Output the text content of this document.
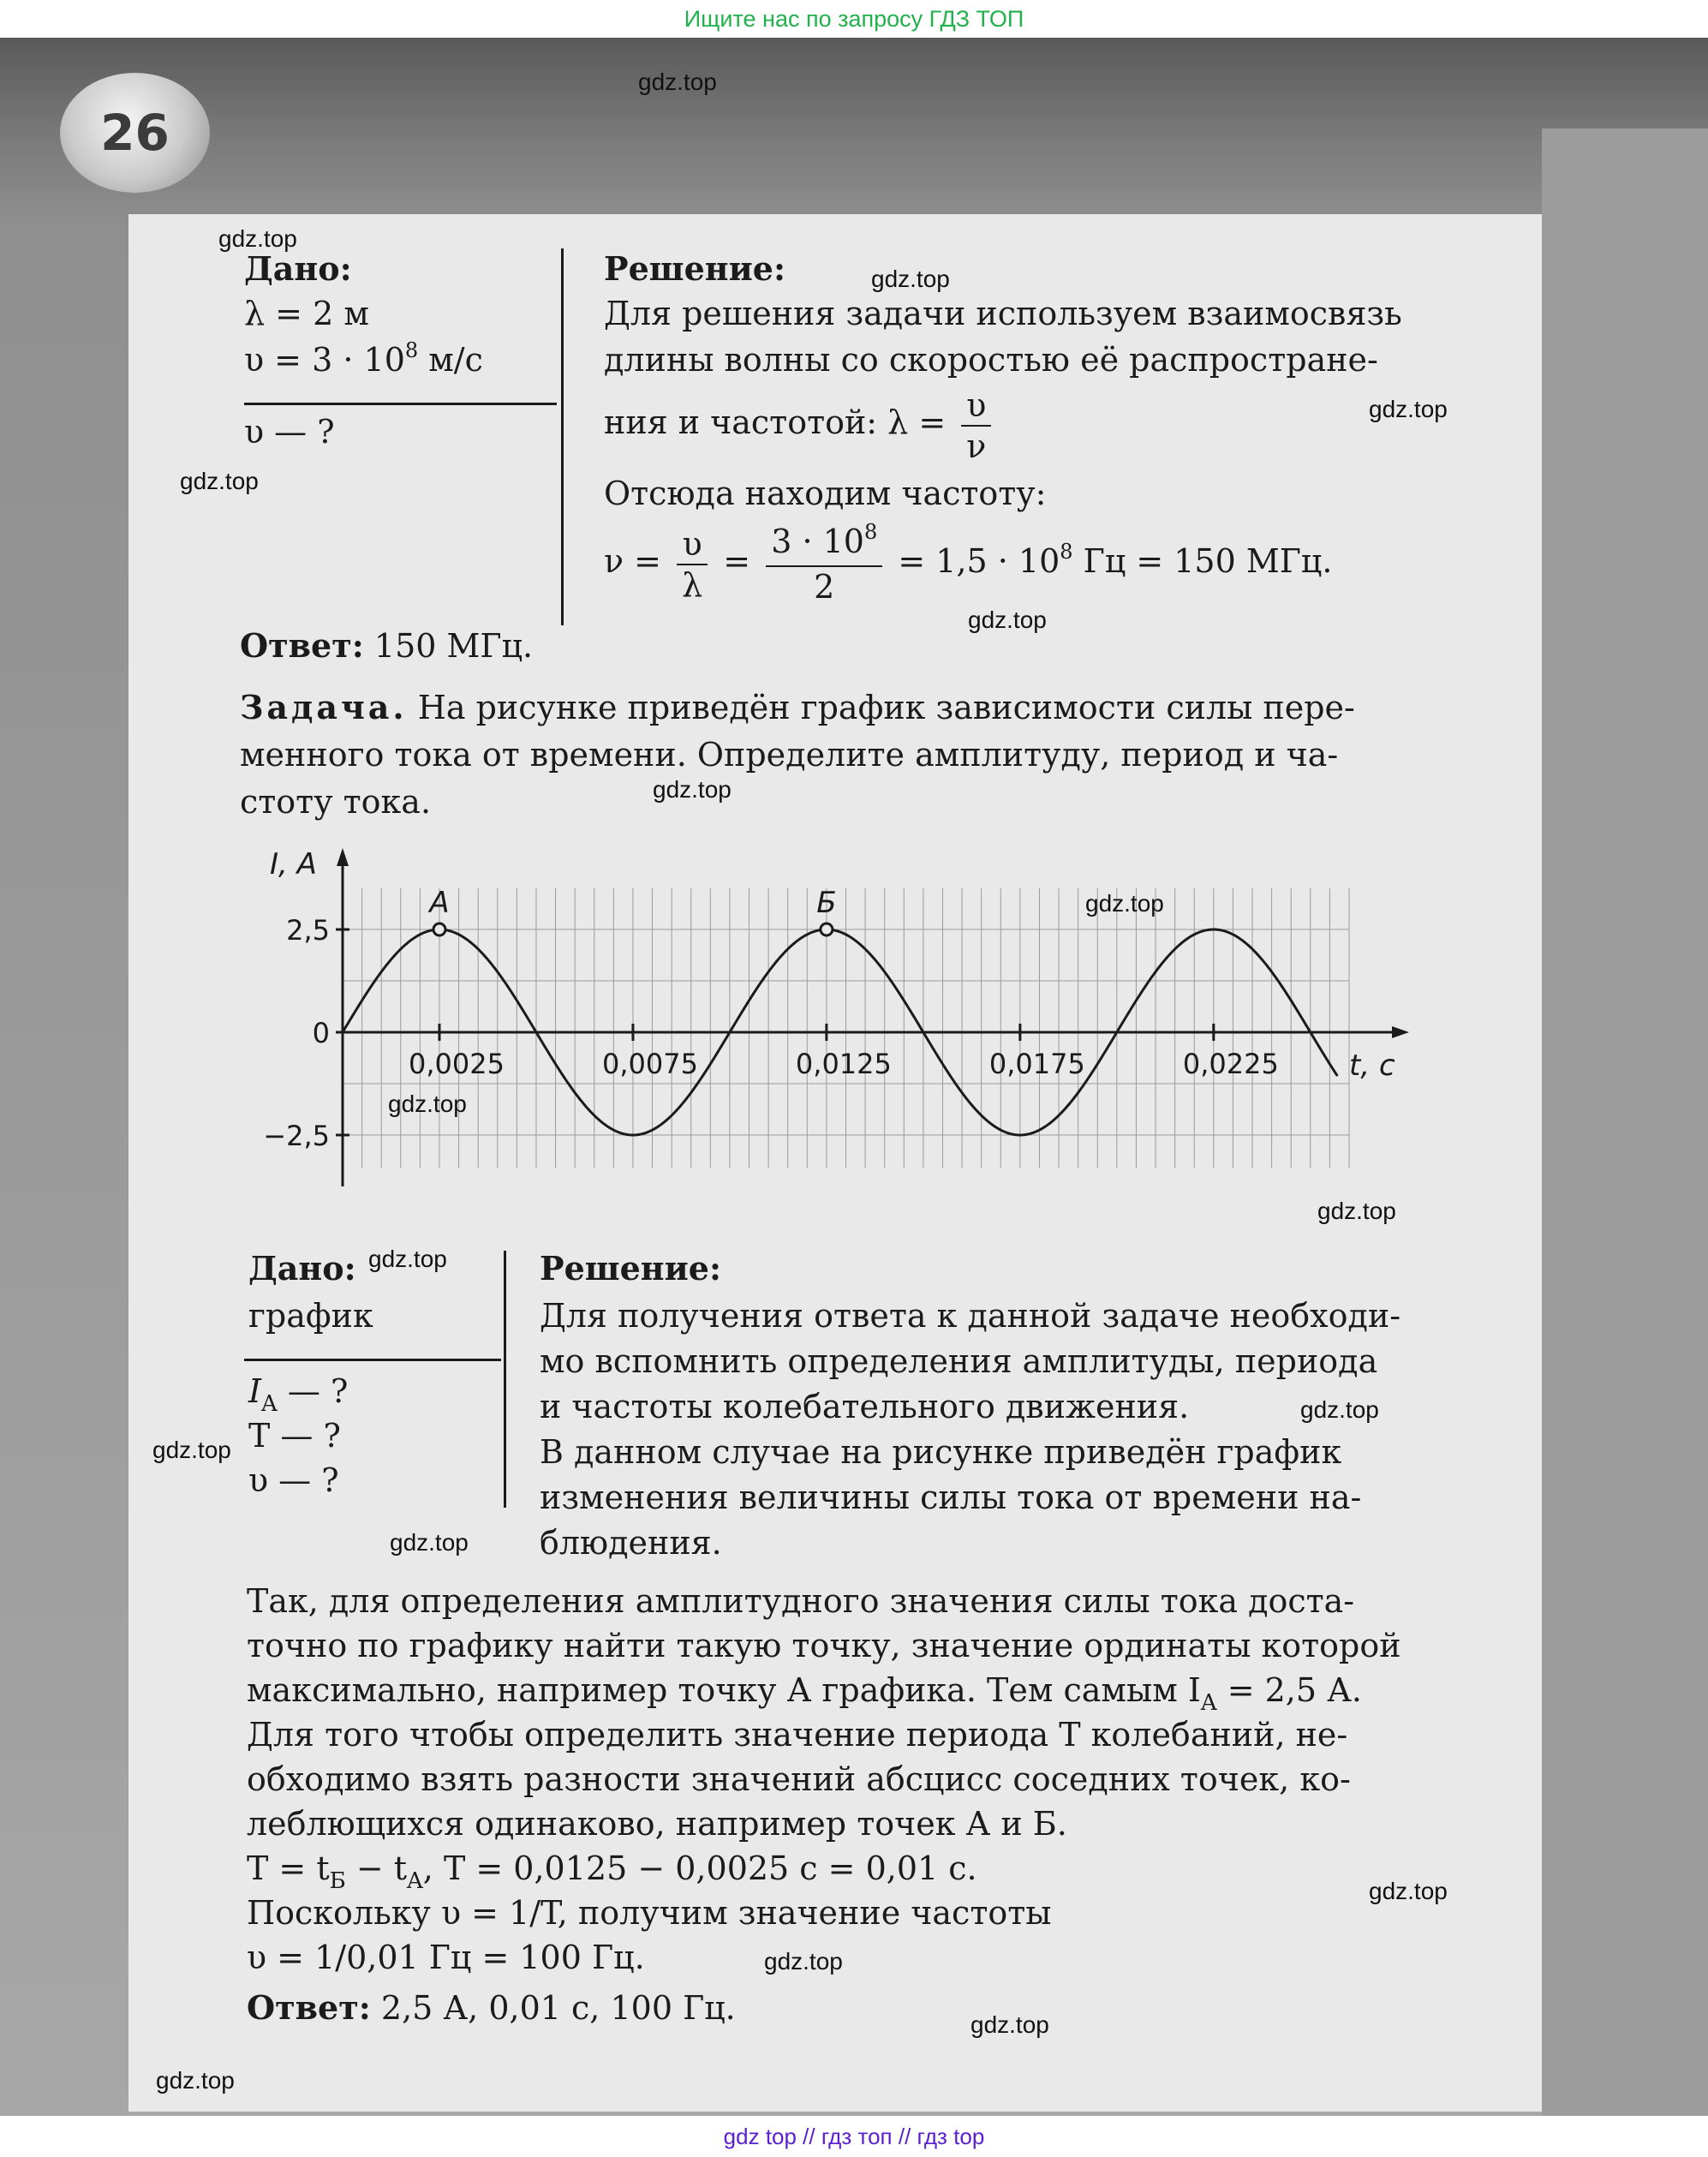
Ищите нас по запросу ГДЗ ТОП
26
Дано:
λ = 2 м
$\upsilon = 3 \cdot 10^8$ м/с
υ — ?
Решение:
Для решения задачи используем взаимосвязь
длины волны со скоростью её распростране-
ния и частотой: $\lambda = \frac{\upsilon}{\nu}$
Отсюда находим частоту:
$\nu = \frac{\upsilon}{\lambda} = \frac{3 \cdot 10^8}{2} = 1,5 \cdot 10^8$ Гц = 150 МГц.
Ответ: 150 МГц.
Задача. На рисунке приведён график зависимости силы пере-
менного тока от времени. Определите амплитуду, период и ча-
стоту тока.
I, A
t, c
2,5
0
−2,5
0,0025	0,0075	0,0125	0,0175	0,0225
А	Б
Дано:
график
$I_A$ — ?
T — ?
υ — ?
Решение:
Для получения ответа к данной задаче необходи-
мо вспомнить определения амплитуды, периода
и частоты колебательного движения.
В данном случае на рисунке приведён график
изменения величины силы тока от времени на-
блюдения.
Так, для определения амплитудного значения силы тока доста-
точно по графику найти такую точку, значение ординаты которой
максимально, например точку А графика. Тем самым $I_A = 2,5$ А.
Для того чтобы определить значение периода T колебаний, не-
обходимо взять разности значений абсцисс соседних точек, ко-
леблющихся одинаково, например точек А и Б.
$T = t_Б - t_A$, T = 0,0125 − 0,0025 с = 0,01 с.
Поскольку υ = 1/T, получим значение частоты
υ = 1/0,01 Гц = 100 Гц.
Ответ: 2,5 А, 0,01 с, 100 Гц.
gdz.top
gdz.top
gdz.top
gdz.top
gdz.top
gdz.top
gdz.top
gdz.top
gdz.top
gdz.top
gdz.top
gdz.top
gdz.top
gdz.top
gdz.top
gdz.top
gdz.top
gdz.top
gdz top // гдз топ // гдз top
